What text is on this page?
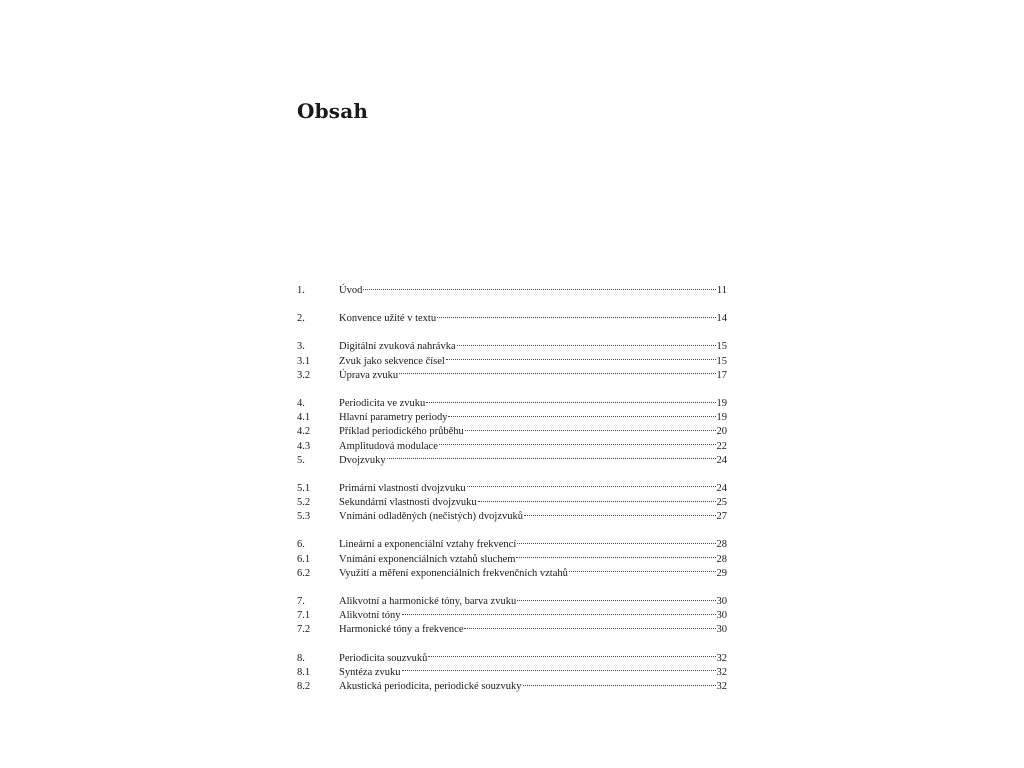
Obsah
1.	Úvod	11
2.	Konvence užité v textu	14
3.	Digitální zvuková nahrávka	15
3.1	Zvuk jako sekvence čísel	15
3.2	Úprava zvuku	17
4.	Periodicita ve zvuku	19
4.1	Hlavní parametry periody	19
4.2	Příklad periodického průběhu	20
4.3	Amplitudová modulace	22
5.	Dvojzvuky	24
5.1	Primární vlastnosti dvojzvuku	24
5.2	Sekundární vlastnosti dvojzvuku	25
5.3	Vnímání odladěných (nečistých) dvojzvuků	27
6.	Lineární a exponenciální vztahy frekvencí	28
6.1	Vnímání exponenciálních vztahů sluchem	28
6.2	Využití a měření exponenciálních frekvenčních vztahů	29
7.	Alikvotní a harmonické tóny, barva zvuku	30
7.1	Alikvotní tóny	30
7.2	Harmonické tóny a frekvence	30
8.	Periodicita souzvuků	32
8.1	Syntéza zvuku	32
8.2	Akustická periodicita, periodické souzvuky	32
